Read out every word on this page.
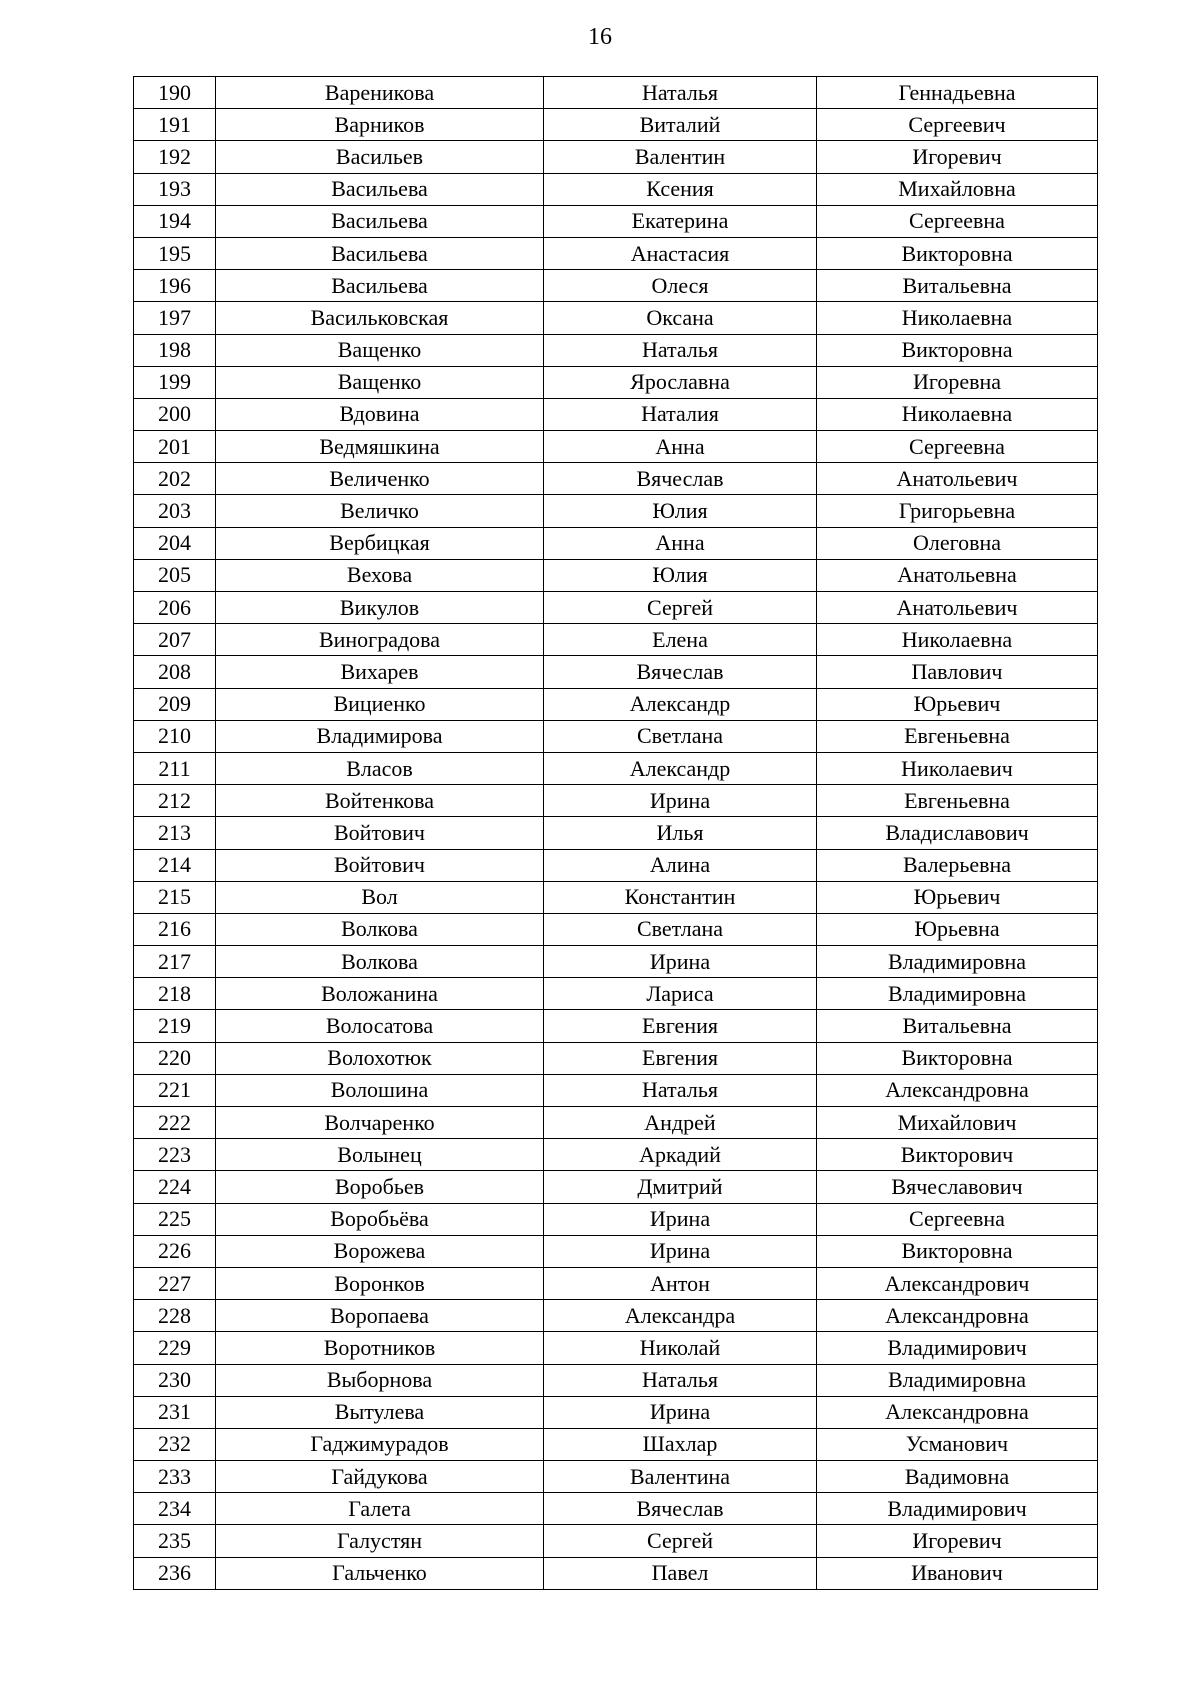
16
190	Вареникова	Наталья	Геннадьевна
191	Варников	Виталий	Сергеевич
192	Васильев	Валентин	Игоревич
193	Васильева	Ксения	Михайловна
194	Васильева	Екатерина	Сергеевна
195	Васильева	Анастасия	Викторовна
196	Васильева	Олеся	Витальевна
197	Васильковская	Оксана	Николаевна
198	Ващенко	Наталья	Викторовна
199	Ващенко	Ярославна	Игоревна
200	Вдовина	Наталия	Николаевна
201	Ведмяшкина	Анна	Сергеевна
202	Величенко	Вячеслав	Анатольевич
203	Величко	Юлия	Григорьевна
204	Вербицкая	Анна	Олеговна
205	Вехова	Юлия	Анатольевна
206	Викулов	Сергей	Анатольевич
207	Виноградова	Елена	Николаевна
208	Вихарев	Вячеслав	Павлович
209	Вициенко	Александр	Юрьевич
210	Владимирова	Светлана	Евгеньевна
211	Власов	Александр	Николаевич
212	Войтенкова	Ирина	Евгеньевна
213	Войтович	Илья	Владиславович
214	Войтович	Алина	Валерьевна
215	Вол	Константин	Юрьевич
216	Волкова	Светлана	Юрьевна
217	Волкова	Ирина	Владимировна
218	Воложанина	Лариса	Владимировна
219	Волосатова	Евгения	Витальевна
220	Волохотюк	Евгения	Викторовна
221	Волошина	Наталья	Александровна
222	Волчаренко	Андрей	Михайлович
223	Волынец	Аркадий	Викторович
224	Воробьев	Дмитрий	Вячеславович
225	Воробьёва	Ирина	Сергеевна
226	Ворожева	Ирина	Викторовна
227	Воронков	Антон	Александрович
228	Воропаева	Александра	Александровна
229	Воротников	Николай	Владимирович
230	Выборнова	Наталья	Владимировна
231	Вытулева	Ирина	Александровна
232	Гаджимурадов	Шахлар	Усманович
233	Гайдукова	Валентина	Вадимовна
234	Галета	Вячеслав	Владимирович
235	Галустян	Сергей	Игоревич
236	Гальченко	Павел	Иванович
